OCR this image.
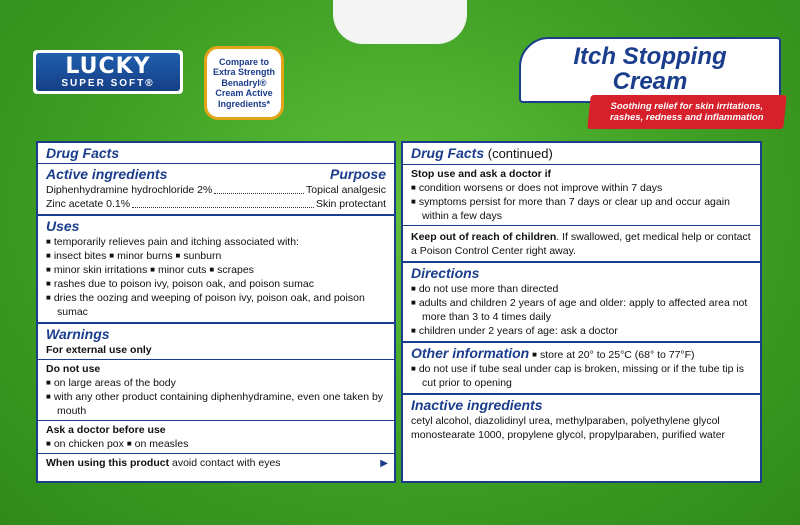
LUCKY
SUPER SOFT®
Compare to
Extra Strength
Benadryl®
Cream Active
Ingredients*
Itch Stopping
Cream
Soothing relief for skin irritations,
rashes, redness and inflammation
Drug Facts
Active ingredients	Purpose
Diphenhydramine hydrochloride 2%	Topical analgesic
Zinc acetate 0.1%	Skin protectant
Uses
■ temporarily relieves pain and itching associated with:
■ insect bites ■ minor burns ■ sunburn
■ minor skin irritations ■ minor cuts ■ scrapes
■ rashes due to poison ivy, poison oak, and poison sumac
■ dries the oozing and weeping of poison ivy, poison oak, and poison sumac
Warnings
For external use only
Do not use
■ on large areas of the body
■ with any other product containing diphenhydramine, even one taken by mouth
Ask a doctor before use
■ on chicken pox ■ on measles
When using this product avoid contact with eyes	▶
Drug Facts (continued)
Stop use and ask a doctor if
■ condition worsens or does not improve within 7 days
■ symptoms persist for more than 7 days or clear up and occur again within a few days
Keep out of reach of children. If swallowed, get medical help or contact a Poison Control Center right away.
Directions
■ do not use more than directed
■ adults and children 2 years of age and older: apply to affected area not more than 3 to 4 times daily
■ children under 2 years of age: ask a doctor
Other information ■ store at 20° to 25°C (68° to 77°F)
■ do not use if tube seal under cap is broken, missing or if the tube tip is cut prior to opening
Inactive ingredients
cetyl alcohol, diazolidinyl urea, methylparaben, polyethylene glycol monostearate 1000, propylene glycol, propylparaben, purified water
